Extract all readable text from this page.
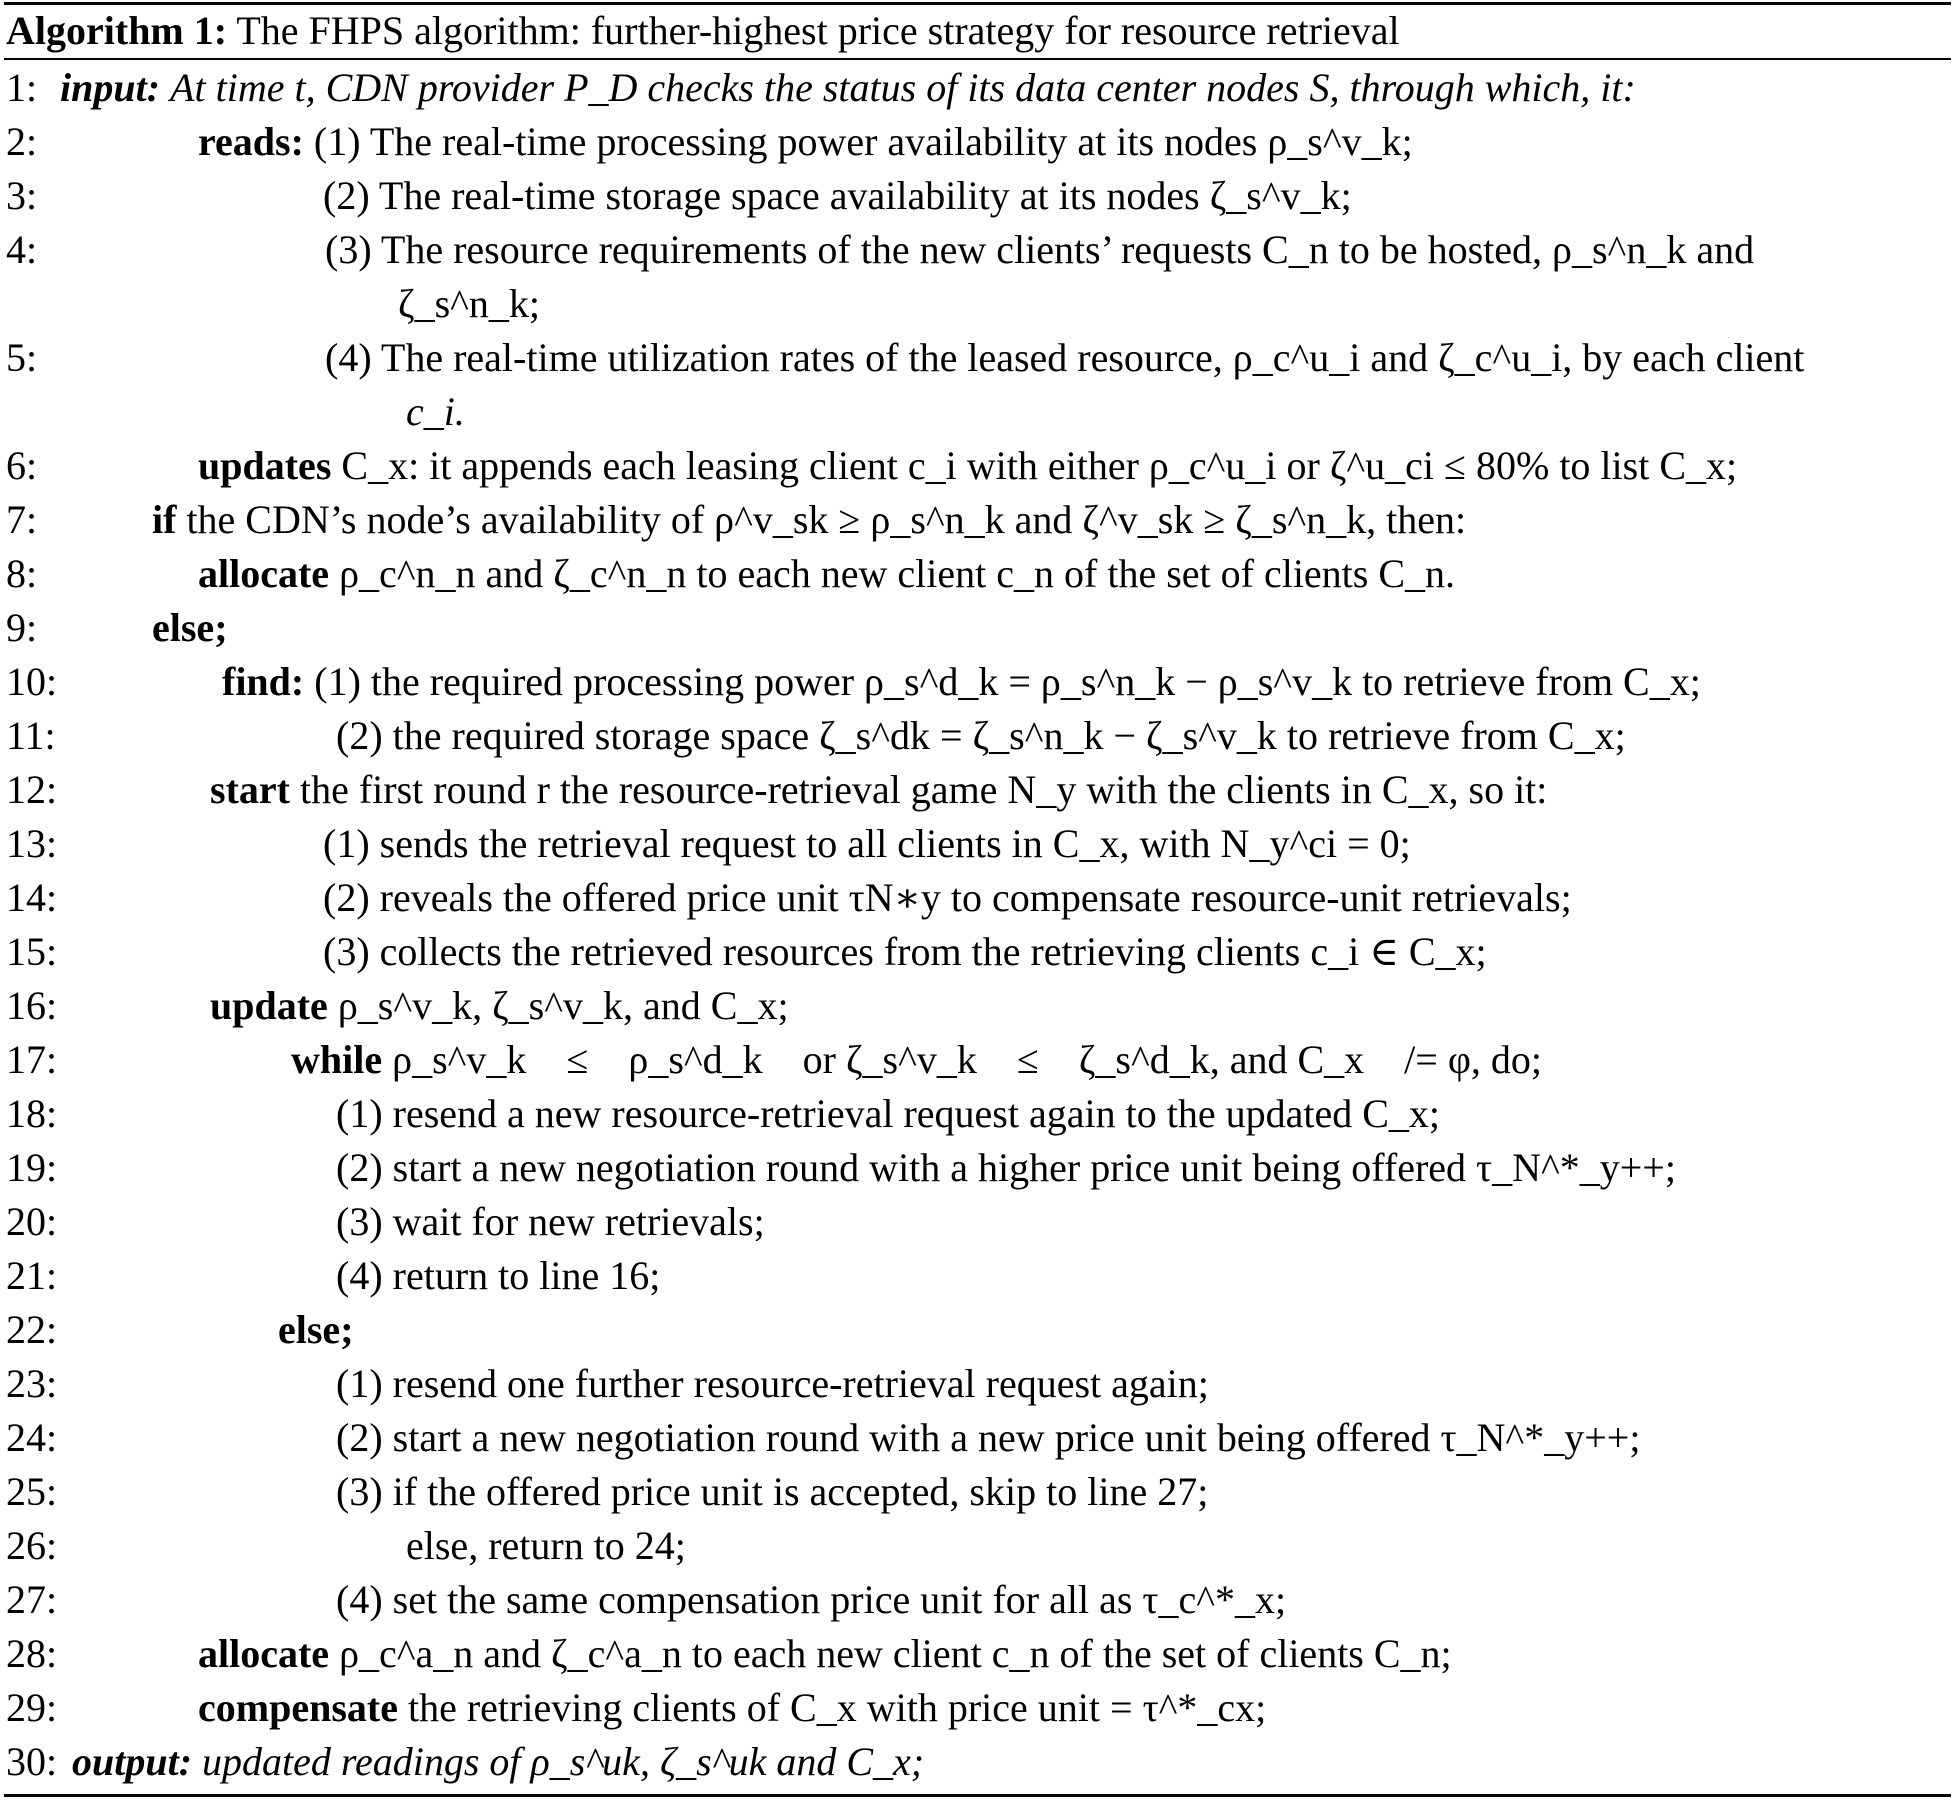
Algorithm 1: The FHPS algorithm: further-highest price strategy for resource retrieval
1: input: At time t, CDN provider P_D checks the status of its data center nodes S, through which, it:
2:	reads: (1) The real-time processing power availability at its nodes ρ_s^v_k;
3:	(2) The real-time storage space availability at its nodes ζ_s^v_k;
4:	(3) The resource requirements of the new clients’ requests C_n to be hosted, ρ_s^n_k and
ζ_s^n_k;
5:	(4) The real-time utilization rates of the leased resource, ρ_c^u_i and ζ_c^u_i, by each client
c_i.
6:	updates C_x: it appends each leasing client c_i with either ρ_c^u_i or ζ^u_ci ≤ 80% to list C_x;
7:	if the CDN’s node’s availability of ρ^v_sk ≥ ρ_s^n_k and ζ^v_sk ≥ ζ_s^n_k, then:
8:	allocate ρ_c^n_n and ζ_c^n_n to each new client c_n of the set of clients C_n.
9:	else;
10:	find: (1) the required processing power ρ_s^d_k = ρ_s^n_k − ρ_s^v_k to retrieve from C_x;
11:	(2) the required storage space ζ_s^dk = ζ_s^n_k − ζ_s^v_k to retrieve from C_x;
12:	start the first round r the resource-retrieval game N_y with the clients in C_x, so it:
13:	(1) sends the retrieval request to all clients in C_x, with N_y^ci = 0;
14:	(2) reveals the offered price unit τN∗y to compensate resource-unit retrievals;
15:	(3) collects the retrieved resources from the retrieving clients c_i ∈ C_x;
16:	update ρ_s^v_k, ζ_s^v_k, and C_x;
17:	while ρ_s^v_k    ≤    ρ_s^d_k    or ζ_s^v_k    ≤    ζ_s^d_k, and C_x    /= φ, do;
18:	(1) resend a new resource-retrieval request again to the updated C_x;
19:	(2) start a new negotiation round with a higher price unit being offered τ_N^*_y++;
20:	(3) wait for new retrievals;
21:	(4) return to line 16;
22:	else;
23:	(1) resend one further resource-retrieval request again;
24:	(2) start a new negotiation round with a new price unit being offered τ_N^*_y++;
25:	(3) if the offered price unit is accepted, skip to line 27;
26:	else, return to 24;
27:	(4) set the same compensation price unit for all as τ_c^*_x;
28:	allocate ρ_c^a_n and ζ_c^a_n to each new client c_n of the set of clients C_n;
29:	compensate the retrieving clients of C_x with price unit = τ^*_cx;
30: output: updated readings of ρ_s^uk, ζ_s^uk and C_x;
